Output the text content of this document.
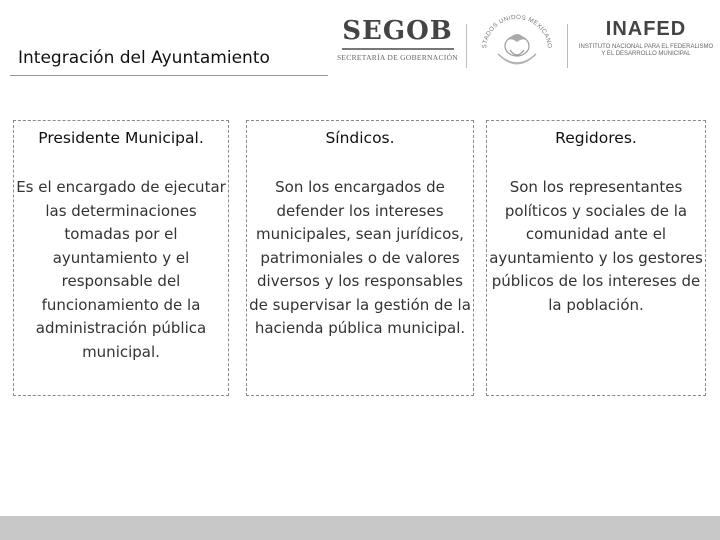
Integración del Ayuntamiento
SEGOB
SECRETARÍA DE GOBERNACIÓN
STADOS UNIDOS MEXICANO
INAFED
INSTITUTO NACIONAL PARA EL FEDERALISMO
Y EL DESARROLLO MUNICIPAL
Presidente Municipal.
Es el encargado de ejecutar las determinaciones tomadas por el ayuntamiento y el responsable del funcionamiento de la administración pública municipal.
Síndicos.
Son los encargados de defender los intereses municipales, sean jurídicos, patrimoniales o de valores diversos y los responsables de supervisar la gestión de la hacienda pública municipal.
Regidores.
Son los representantes políticos y sociales de la comunidad ante el ayuntamiento y los gestores públicos de los intereses de la población.
